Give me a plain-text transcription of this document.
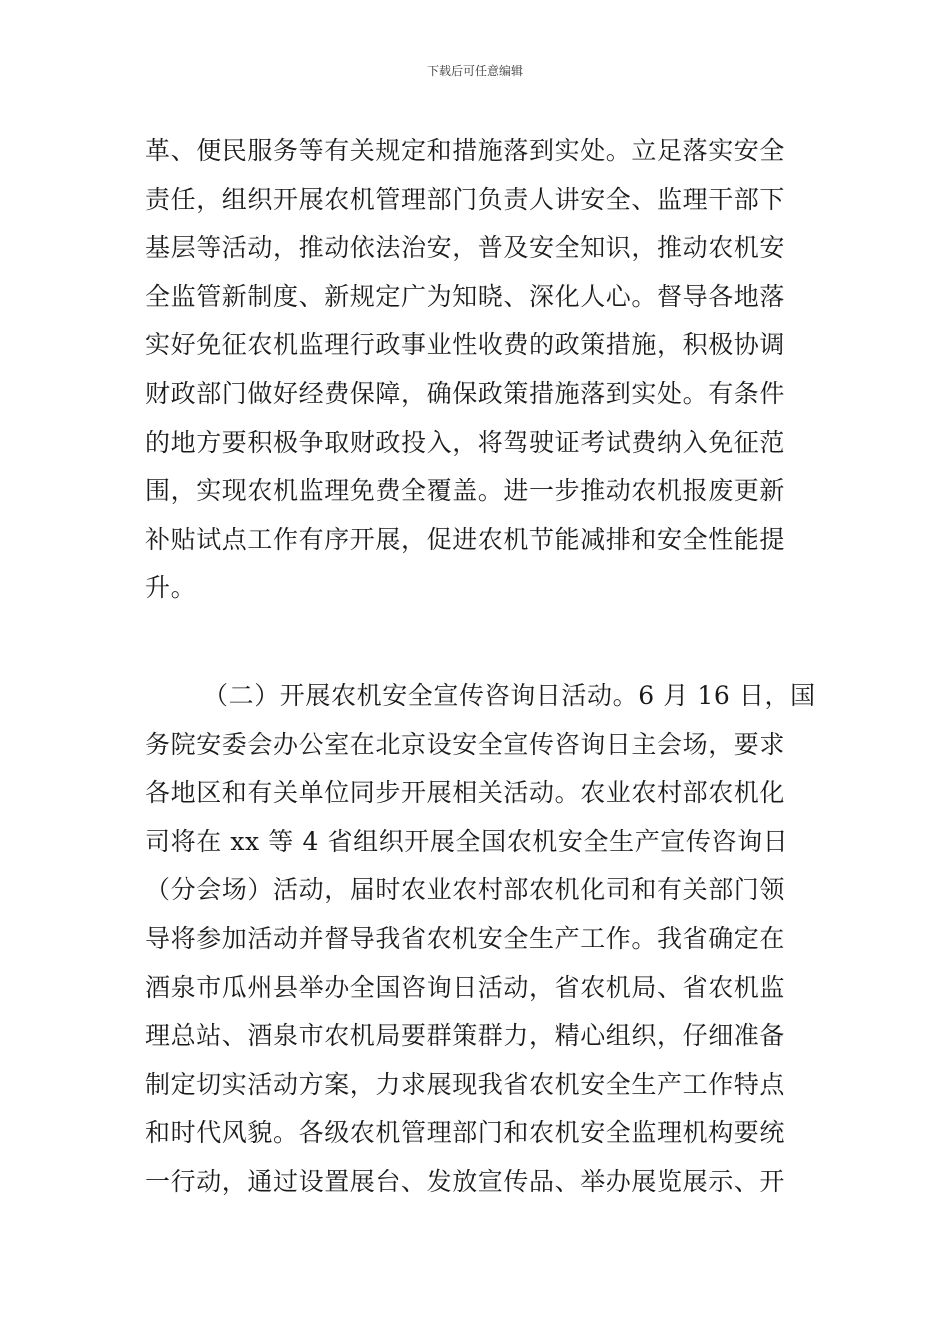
下载后可任意编辑
革、便民服务等有关规定和措施落到实处。立足落实安全
责任，组织开展农机管理部门负责人讲安全、监理干部下
基层等活动，推动依法治安，普及安全知识，推动农机安
全监管新制度、新规定广为知晓、深化人心。督导各地落
实好免征农机监理行政事业性收费的政策措施，积极协调
财政部门做好经费保障，确保政策措施落到实处。有条件
的地方要积极争取财政投入，将驾驶证考试费纳入免征范
围，实现农机监理免费全覆盖。进一步推动农机报废更新
补贴试点工作有序开展，促进农机节能减排和安全性能提
升。
（二）开展农机安全宣传咨询日活动。6 月 16 日，国
务院安委会办公室在北京设安全宣传咨询日主会场，要求
各地区和有关单位同步开展相关活动。农业农村部农机化
司将在 xx 等 4 省组织开展全国农机安全生产宣传咨询日
（分会场）活动，届时农业农村部农机化司和有关部门领
导将参加活动并督导我省农机安全生产工作。我省确定在
酒泉市瓜州县举办全国咨询日活动，省农机局、省农机监
理总站、酒泉市农机局要群策群力，精心组织，仔细准备
制定切实活动方案，力求展现我省农机安全生产工作特点
和时代风貌。各级农机管理部门和农机安全监理机构要统
一行动，通过设置展台、发放宣传品、举办展览展示、开
